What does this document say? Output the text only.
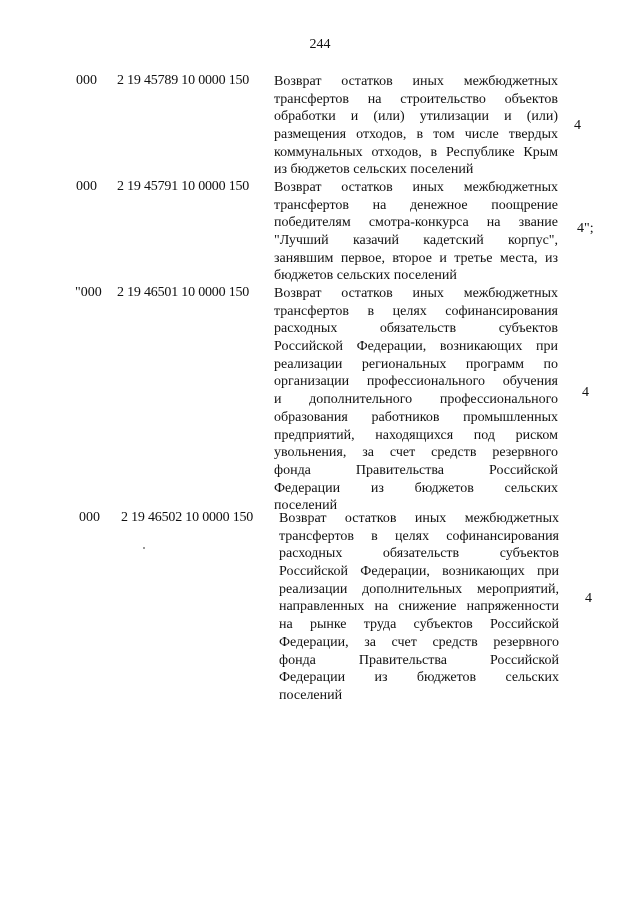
244
000 2 19 45789 10 0000 150 Возврат остатков иных межбюджетных
трансфертов на строительство объектов
обработки и (или) утилизации и (или)
размещения отходов, в том числе твердых
коммунальных отходов, в Республике Крым
из бюджетов сельских поселений
4
000 2 19 45791 10 0000 150 Возврат остатков иных межбюджетных
трансфертов на денежное поощрение
победителям смотра-конкурса на звание
"Лучший казачий кадетский корпус",
занявшим первое, второе и третье места, из
бюджетов сельских поселений
4";
"000 2 19 46501 10 0000 150 Возврат остатков иных межбюджетных
трансфертов в целях софинансирования
расходных обязательств субъектов
Российской Федерации, возникающих при
реализации региональных программ по
организации профессионального обучения
и дополнительного профессионального
образования работников промышленных
предприятий, находящихся под риском
увольнения, за счет средств резервного
фонда Правительства Российской
Федерации из бюджетов сельских
поселений
4
000 2 19 46502 10 0000 150 Возврат остатков иных межбюджетных
трансфертов в целях софинансирования
расходных обязательств субъектов
Российской Федерации, возникающих при
реализации дополнительных мероприятий,
направленных на снижение напряженности
на рынке труда субъектов Российской
Федерации, за счет средств резервного
фонда Правительства Российской
Федерации из бюджетов сельских
поселений
4
